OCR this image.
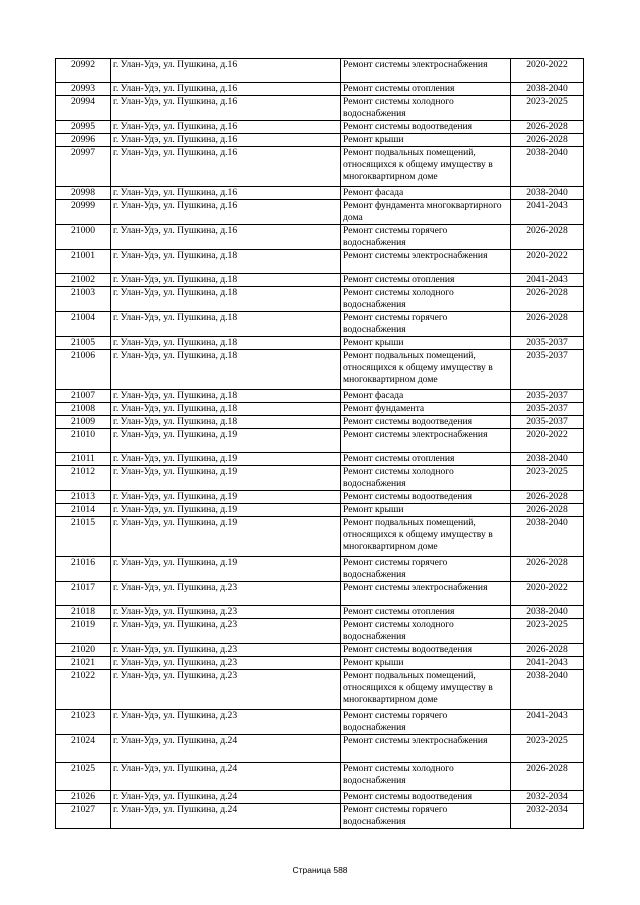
20992	г. Улан-Удэ, ул. Пушкина, д.16	Ремонт системы электроснабжения	2020-2022
20993	г. Улан-Удэ, ул. Пушкина, д.16	Ремонт системы отопления	2038-2040
20994	г. Улан-Удэ, ул. Пушкина, д.16	Ремонт системы холодного водоснабжения	2023-2025
20995	г. Улан-Удэ, ул. Пушкина, д.16	Ремонт системы водоотведения	2026-2028
20996	г. Улан-Удэ, ул. Пушкина, д.16	Ремонт крыши	2026-2028
20997	г. Улан-Удэ, ул. Пушкина, д.16	Ремонт подвальных помещений, относящихся к общему имуществу в многоквартирном доме	2038-2040
20998	г. Улан-Удэ, ул. Пушкина, д.16	Ремонт фасада	2038-2040
20999	г. Улан-Удэ, ул. Пушкина, д.16	Ремонт фундамента многоквартирного дома	2041-2043
21000	г. Улан-Удэ, ул. Пушкина, д.16	Ремонт системы горячего водоснабжения	2026-2028
21001	г. Улан-Удэ, ул. Пушкина, д.18	Ремонт системы электроснабжения	2020-2022
21002	г. Улан-Удэ, ул. Пушкина, д.18	Ремонт системы отопления	2041-2043
21003	г. Улан-Удэ, ул. Пушкина, д.18	Ремонт системы холодного водоснабжения	2026-2028
21004	г. Улан-Удэ, ул. Пушкина, д.18	Ремонт системы горячего водоснабжения	2026-2028
21005	г. Улан-Удэ, ул. Пушкина, д.18	Ремонт крыши	2035-2037
21006	г. Улан-Удэ, ул. Пушкина, д.18	Ремонт подвальных помещений, относящихся к общему имуществу в многоквартирном доме	2035-2037
21007	г. Улан-Удэ, ул. Пушкина, д.18	Ремонт фасада	2035-2037
21008	г. Улан-Удэ, ул. Пушкина, д.18	Ремонт фундамента	2035-2037
21009	г. Улан-Удэ, ул. Пушкина, д.18	Ремонт системы водоотведения	2035-2037
21010	г. Улан-Удэ, ул. Пушкина, д.19	Ремонт системы электроснабжения	2020-2022
21011	г. Улан-Удэ, ул. Пушкина, д.19	Ремонт системы отопления	2038-2040
21012	г. Улан-Удэ, ул. Пушкина, д.19	Ремонт системы холодного водоснабжения	2023-2025
21013	г. Улан-Удэ, ул. Пушкина, д.19	Ремонт системы водоотведения	2026-2028
21014	г. Улан-Удэ, ул. Пушкина, д.19	Ремонт крыши	2026-2028
21015	г. Улан-Удэ, ул. Пушкина, д.19	Ремонт подвальных помещений, относящихся к общему имуществу в многоквартирном доме	2038-2040
21016	г. Улан-Удэ, ул. Пушкина, д.19	Ремонт системы горячего водоснабжения	2026-2028
21017	г. Улан-Удэ, ул. Пушкина, д.23	Ремонт системы электроснабжения	2020-2022
21018	г. Улан-Удэ, ул. Пушкина, д.23	Ремонт системы отопления	2038-2040
21019	г. Улан-Удэ, ул. Пушкина, д.23	Ремонт системы холодного водоснабжения	2023-2025
21020	г. Улан-Удэ, ул. Пушкина, д.23	Ремонт системы водоотведения	2026-2028
21021	г. Улан-Удэ, ул. Пушкина, д.23	Ремонт крыши	2041-2043
21022	г. Улан-Удэ, ул. Пушкина, д.23	Ремонт подвальных помещений, относящихся к общему имуществу в многоквартирном доме	2038-2040
21023	г. Улан-Удэ, ул. Пушкина, д.23	Ремонт системы горячего водоснабжения	2041-2043
21024	г. Улан-Удэ, ул. Пушкина, д.24	Ремонт системы электроснабжения	2023-2025
21025	г. Улан-Удэ, ул. Пушкина, д.24	Ремонт системы холодного водоснабжения	2026-2028
21026	г. Улан-Удэ, ул. Пушкина, д.24	Ремонт системы водоотведения	2032-2034
21027	г. Улан-Удэ, ул. Пушкина, д.24	Ремонт системы горячего водоснабжения	2032-2034
Страница 588
